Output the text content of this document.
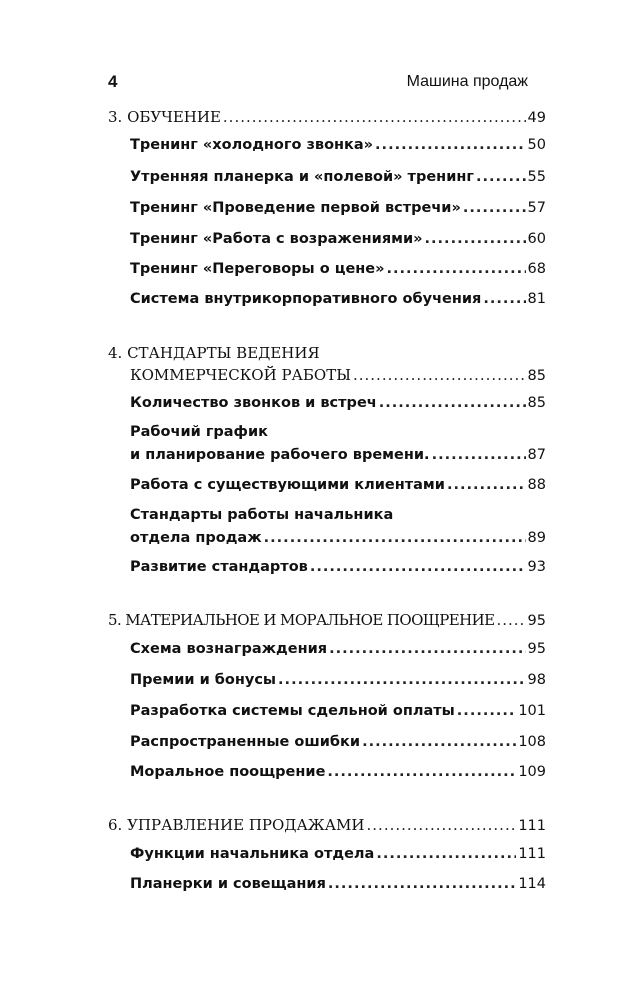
4	Машина продаж
3. ОБУЧЕНИЕ .....	49
Тренинг «холодного звонка» .....	50
Утренняя планерка и «полевой» тренинг .....	55
Тренинг «Проведение первой встречи» .....	57
Тренинг «Работа с возражениями» .....	60
Тренинг «Переговоры о цене» .....	68
Система внутрикорпоративного обучения .....	81
4. СТАНДАРТЫ ВЕДЕНИЯ
КОММЕРЧЕСКОЙ РАБОТЫ .....	85
Количество звонков и встреч .....	85
Рабочий график
и планирование рабочего времени. .....	87
Работа с существующими клиентами .....	88
Стандарты работы начальника
отдела продаж .....	89
Развитие стандартов .....	93
5. МАТЕРИАЛЬНОЕ И МОРАЛЬНОЕ ПООЩРЕНИЕ ..... 95
Схема вознаграждения .....	95
Премии и бонусы .....	98
Разработка системы сдельной оплаты .....	101
Распространенные ошибки .....	108
Моральное поощрение .....	109
6. УПРАВЛЕНИЕ ПРОДАЖАМИ .....	111
Функции начальника отдела .....	111
Планерки и совещания .....	114
